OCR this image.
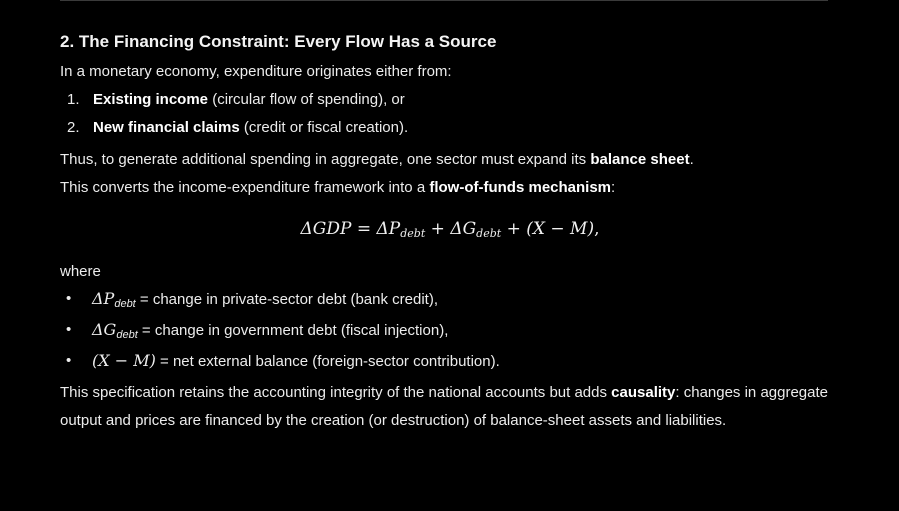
2. The Financing Constraint: Every Flow Has a Source

In a monetary economy, expenditure originates either from:

1. Existing income (circular flow of spending), or
2. New financial claims (credit or fiscal creation).

Thus, to generate additional spending in aggregate, one sector must expand its balance sheet.

This converts the income-expenditure framework into a flow-of-funds mechanism:

$\Delta GDP = \Delta P_{debt} + \Delta G_{debt} + (X - M)$,

where

• $\Delta P_{debt}$ = change in private-sector debt (bank credit),
• $\Delta G_{debt}$ = change in government debt (fiscal injection),
• (X − M) = net external balance (foreign-sector contribution).

This specification retains the accounting integrity of the national accounts but adds causality: changes in aggregate output and prices are financed by the creation (or destruction) of balance-sheet assets and liabilities.
